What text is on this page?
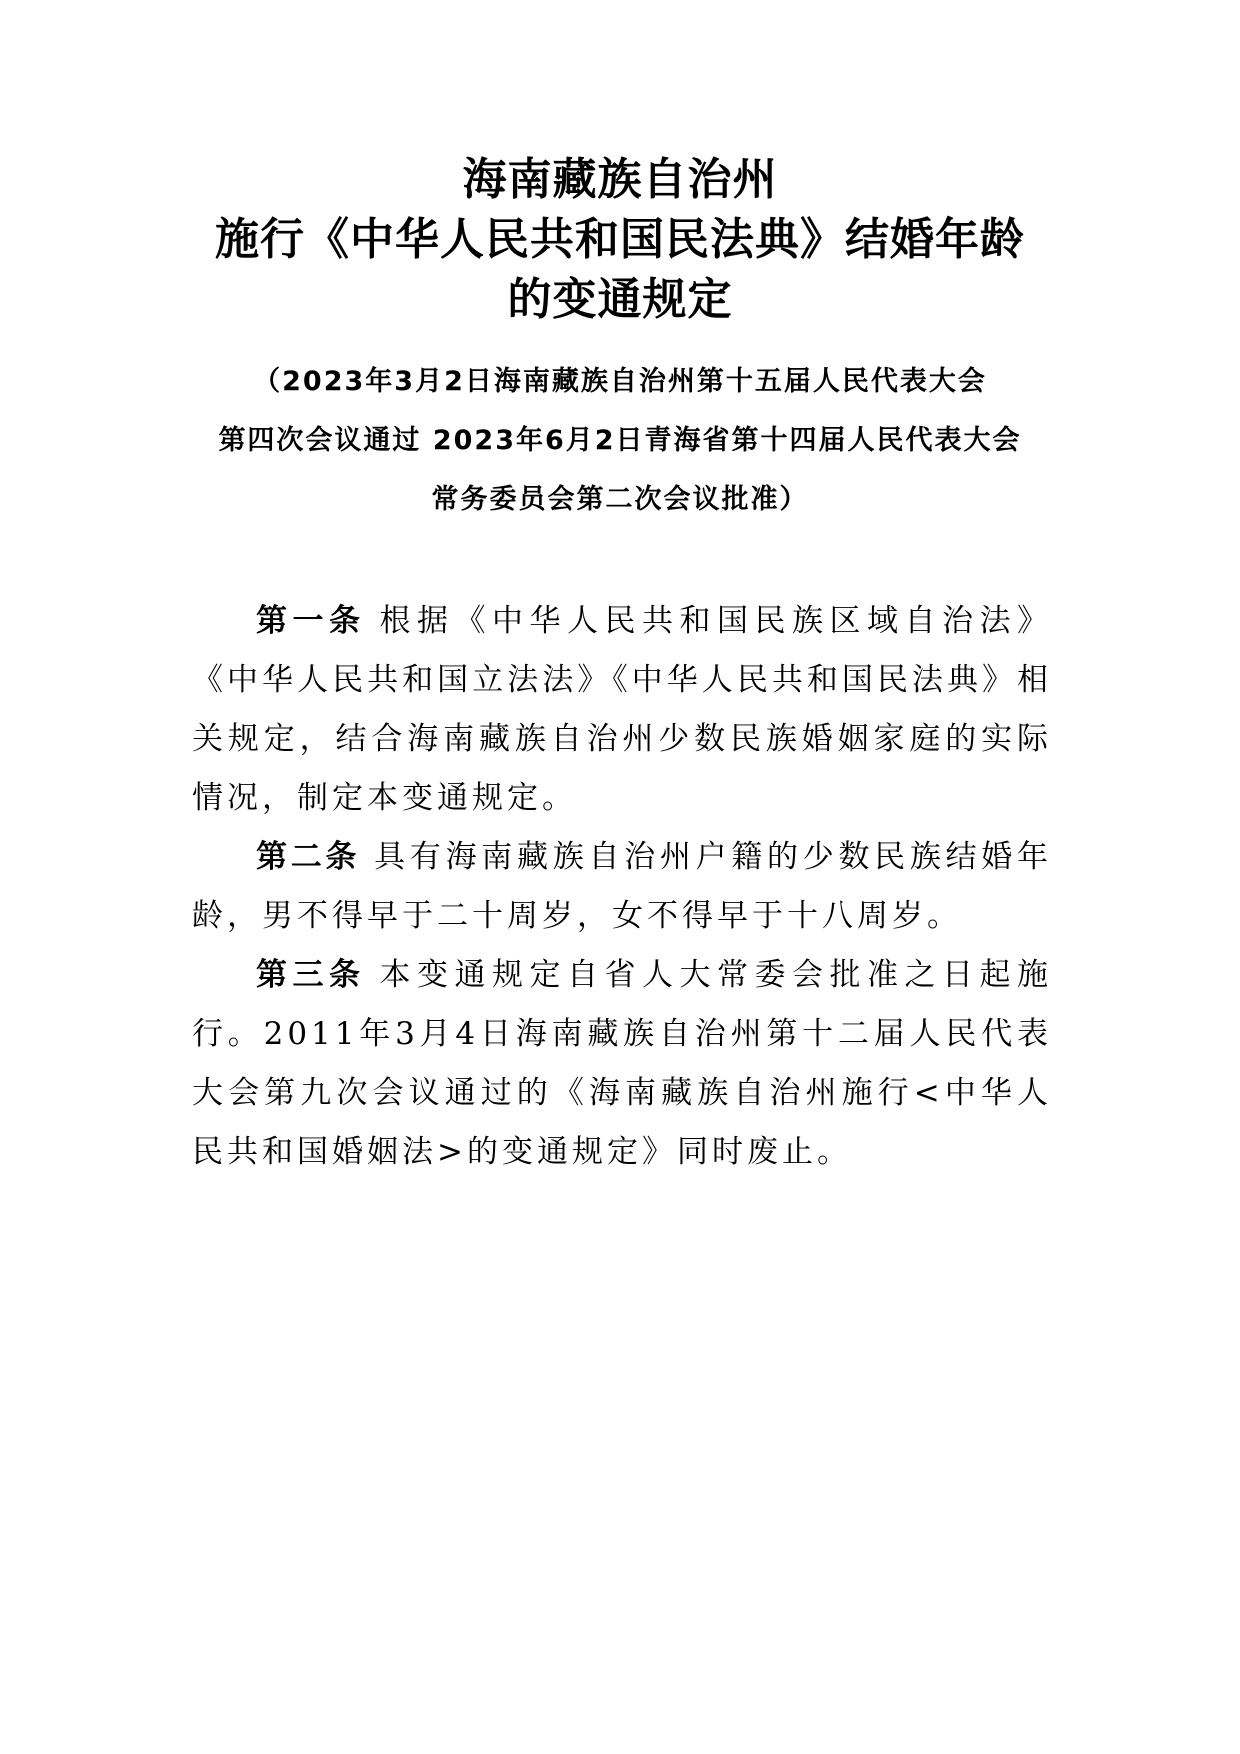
海南藏族自治州
施行《中华人民共和国民法典》结婚年龄
的变通规定
（2023年3月2日海南藏族自治州第十五届人民代表大会
第四次会议通过 2023年6月2日青海省第十四届人民代表大会
常务委员会第二次会议批准）

第一条 根据《中华人民共和国民族区域自治法》《中华人民共和国立法法》《中华人民共和国民法典》相关规定，结合海南藏族自治州少数民族婚姻家庭的实际情况，制定本变通规定。

第二条 具有海南藏族自治州户籍的少数民族结婚年龄，男不得早于二十周岁，女不得早于十八周岁。

第三条 本变通规定自省人大常委会批准之日起施行。2011年3月4日海南藏族自治州第十二届人民代表大会第九次会议通过的《海南藏族自治州施行<中华人民共和国婚姻法>的变通规定》同时废止。
